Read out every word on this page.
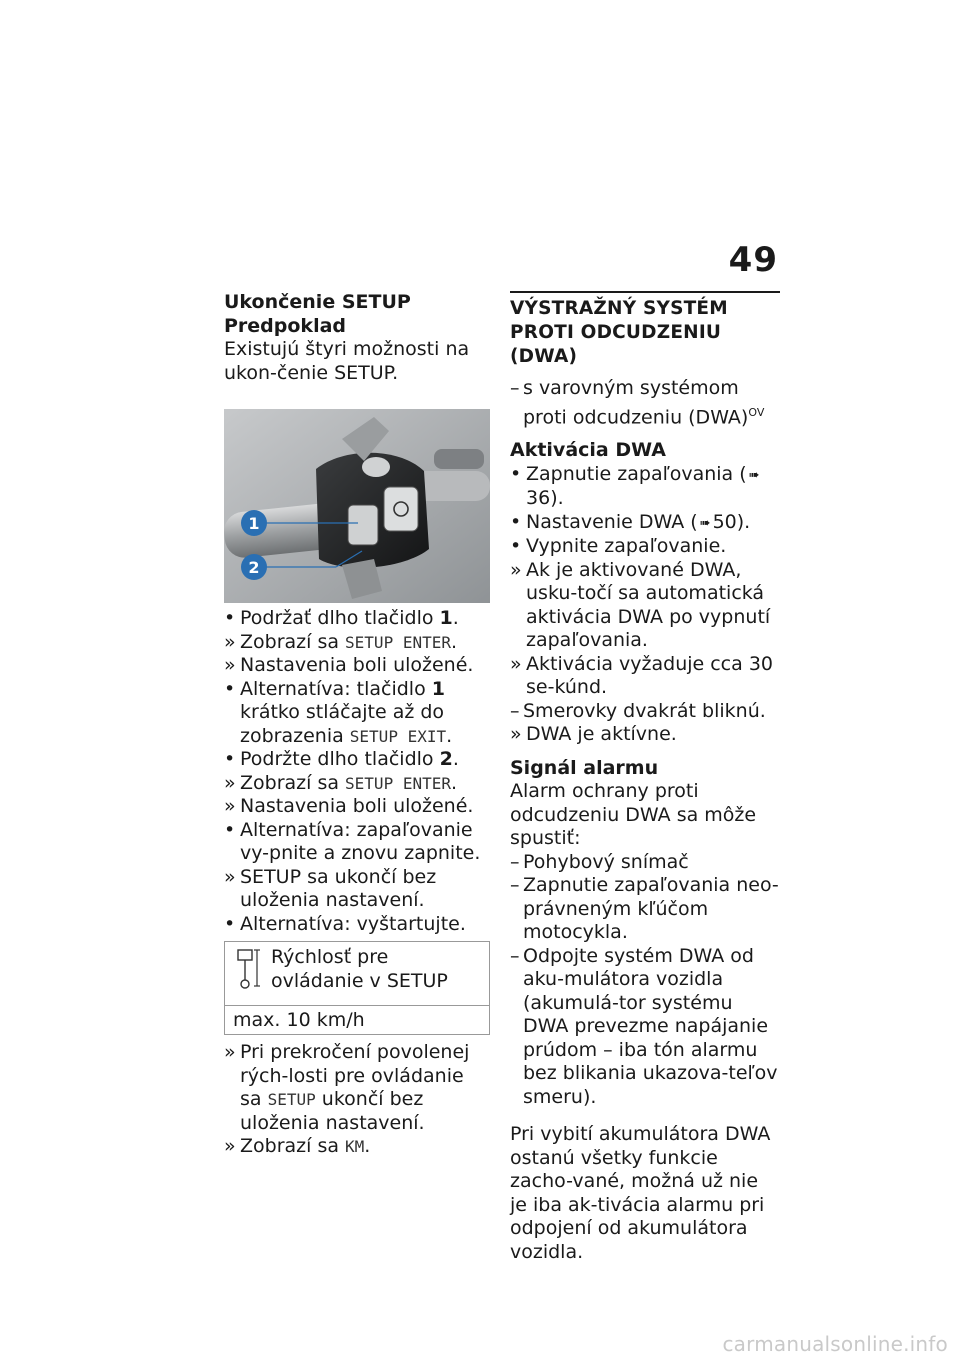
49
Ukončenie SETUP
Predpoklad
Existujú štyri možnosti na ukon-čenie SETUP.
1
2
• Podržať dlho tlačidlo 1.
» Zobrazí sa SETUP ENTER.
» Nastavenia boli uložené.
• Alternatíva: tlačidlo 1 krátko stláčajte až do zobrazenia SETUP EXIT.
• Podržte dlho tlačidlo 2.
» Zobrazí sa SETUP ENTER.
» Nastavenia boli uložené.
• Alternatíva: zapaľovanie vy-pnite a znovu zapnite.
» SETUP sa ukončí bez uloženia nastavení.
• Alternatíva: vyštartujte.
Rýchlosť pre ovládanie v SETUP
max. 10 km/h
» Pri prekročení povolenej rých-losti pre ovládanie sa SETUP ukončí bez uloženia nastavení.
» Zobrazí sa KM.
VÝSTRAŽNÝ SYSTÉM PROTI ODCUDZENIU (DWA)
– s varovným systémom proti odcudzeniu (DWA)$^{OV}$
Aktivácia DWA
• Zapnutie zapaľovania ( ➠36).
• Nastavenie DWA ( ➠ 50).
• Vypnite zapaľovanie.
» Ak je aktivované DWA, usku-točí sa automatická aktivácia DWA po vypnutí zapaľovania.
» Aktivácia vyžaduje cca 30 se-kúnd.
– Smerovky dvakrát bliknú.
» DWA je aktívne.
Signál alarmu
Alarm ochrany proti odcudzeniu DWA sa môže spustiť:
– Pohybový snímač
– Zapnutie zapaľovania neo-právneným kľúčom motocykla.
– Odpojte systém DWA od aku-mulátora vozidla (akumulá-tor systému DWA prevezme napájanie prúdom – iba tón alarmu bez blikania ukazova-teľov smeru).
Pri vybití akumulátora DWA ostanú všetky funkcie zacho-vané, možná už nie je iba ak-tivácia alarmu pri odpojení od akumulátora vozidla.
carmanualsonline.info
